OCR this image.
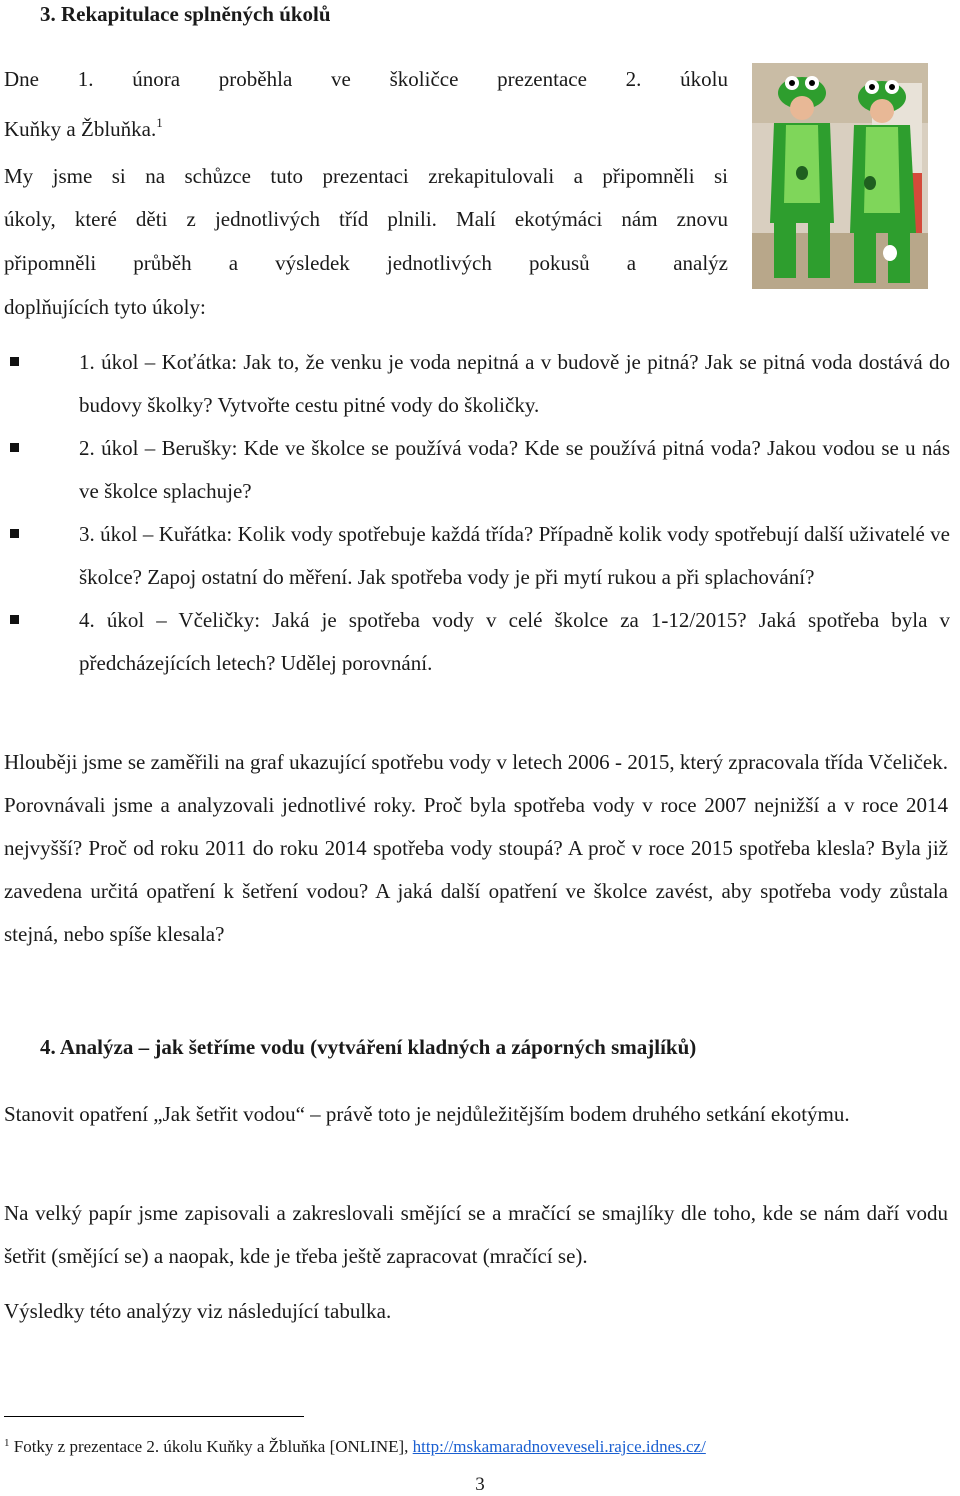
3. Rekapitulace splněných úkolů
Dne 1. února proběhla ve školičce prezentace 2. úkolu
Kuňky a Žbluňka.$^1$
My jsme si na schůzce tuto prezentaci zrekapitulovali a připomněli si
úkoly, které děti z jednotlivých tříd plnili. Malí ekotýmáci nám znovu
připomněli průběh a výsledek jednotlivých pokusů a analýz
doplňujících tyto úkoly:
1. úkol – Koťátka: Jak to, že venku je voda nepitná a v budově je pitná? Jak se pitná voda dostává do budovy školky? Vytvořte cestu pitné vody do školičky.
2. úkol – Berušky: Kde ve školce se používá voda? Kde se používá pitná voda? Jakou vodou se u nás ve školce splachuje?
3. úkol – Kuřátka: Kolik vody spotřebuje každá třída? Případně kolik vody spotřebují další uživatelé ve školce? Zapoj ostatní do měření. Jak spotřeba vody je při mytí rukou a při splachování?
4. úkol – Včeličky: Jaká je spotřeba vody v celé školce za 1-12/2015? Jaká spotřeba byla v předcházejících letech? Udělej porovnání.

Hlouběji jsme se zaměřili na graf ukazující spotřebu vody v letech 2006 - 2015, který zpracovala třída Včeliček. Porovnávali jsme a analyzovali jednotlivé roky. Proč byla spotřeba vody v roce 2007 nejnižší a v roce 2014 nejvyšší? Proč od roku 2011 do roku 2014 spotřeba vody stoupá? A proč v roce 2015 spotřeba klesla? Byla již zavedena určitá opatření k šetření vodou? A jaká další opatření ve školce zavést, aby spotřeba vody zůstala stejná, nebo spíše klesala?

4. Analýza – jak šetříme vodu (vytváření kladných a záporných smajlíků)

Stanovit opatření „Jak šetřit vodou“ – právě toto je nejdůležitějším bodem druhého setkání ekotýmu.

Na velký papír jsme zapisovali a zakreslovali smějící se a mračící se smajlíky dle toho, kde se nám daří vodu šetřit (smějící se) a naopak, kde je třeba ještě zapracovat (mračící se).

Výsledky této analýzy viz následující tabulka.

$^1$ Fotky z prezentace 2. úkolu Kuňky a Žbluňka [ONLINE], http://mskamaradnoveveseli.rajce.idnes.cz/
3
